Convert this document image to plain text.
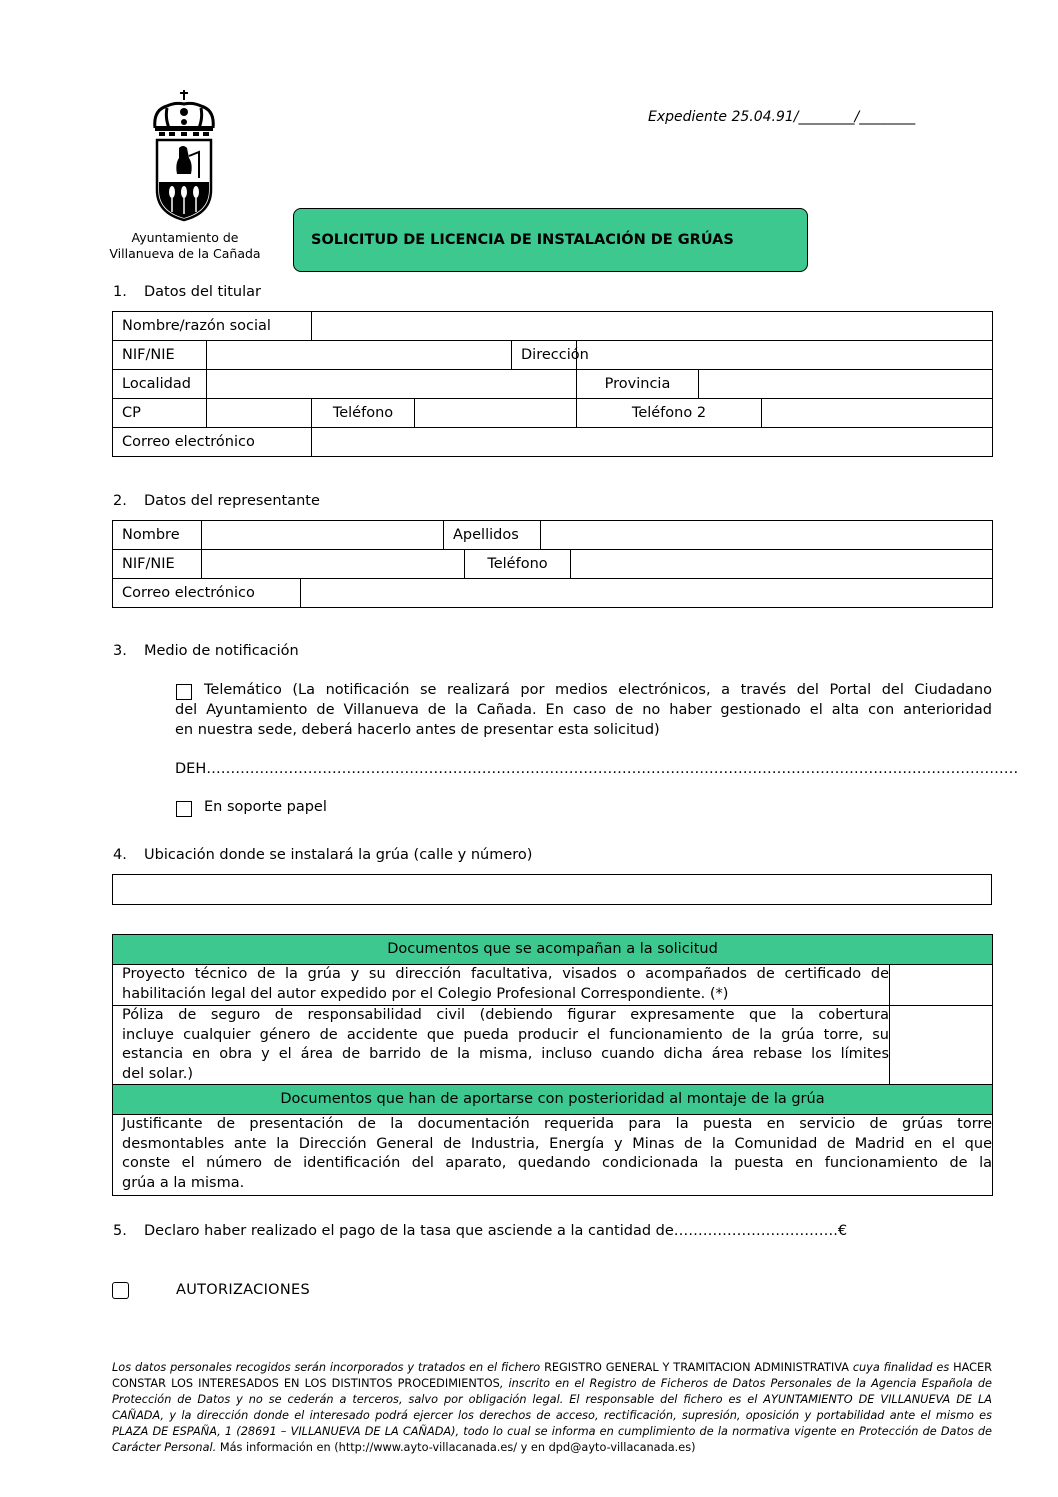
Ayuntamiento de
Villanueva de la Cañada
Expediente 25.04.91/________/________
SOLICITUD DE LICENCIA DE INSTALACIÓN DE GRÚAS
1. Datos del titular
Nombre/razón social							
NIF/NIE				Dirección			
Localidad					Provincia		
CP		Teléfono			Teléfono 2		
Correo electrónico							
2. Datos del representante
Nombre			Apellidos			
NIF/NIE				Teléfono		
Correo electrónico						
3. Medio de notificación
Telemático (La notificación se realizará por medios electrónicos, a través del Portal del Ciudadano
del Ayuntamiento de Villanueva de la Cañada. En caso de no haber gestionado el alta con anterioridad
en nuestra sede, deberá hacerlo antes de presentar esta solicitud)
DEH……………………………………………………………………………………………………………………………………………………
En soporte papel
4. Ubicación donde se instalará la grúa (calle y número)
Documentos que se acompañan a la solicitud	

Proyecto técnico de la grúa y su dirección facultativa, visados o acompañados de certificado de
habilitación legal del autor expedido por el Colegio Profesional Correspondiente. (*)	

Póliza de seguro de responsabilidad civil (debiendo figurar expresamente que la cobertura
incluye cualquier género de accidente que pueda producir el funcionamiento de la grúa torre, su
estancia en obra y el área de barrido de la misma, incluso cuando dicha área rebase los límites
del solar.)	

Documentos que han de aportarse con posterioridad al montaje de la grúa	

Justificante de presentación de la documentación requerida para la puesta en servicio de grúas torre
desmontables ante la Dirección General de Industria, Energía y Minas de la Comunidad de Madrid en el que
conste el número de identificación del aparato, quedando condicionada la puesta en funcionamiento de la
grúa a la misma.	
5. Declaro haber realizado el pago de la tasa que asciende a la cantidad de…………………………….€
AUTORIZACIONES
Los datos personales recogidos serán incorporados y tratados en el fichero REGISTRO GENERAL Y TRAMITACION ADMINISTRATIVA cuya finalidad es HACER CONSTAR LOS INTERESADOS EN LOS DISTINTOS PROCEDIMIENTOS, inscrito en el Registro de Ficheros de Datos Personales de la Agencia Española de Protección de Datos y no se cederán a terceros, salvo por obligación legal. El responsable del fichero es el AYUNTAMIENTO DE VILLANUEVA DE LA CAÑADA, y la dirección donde el interesado podrá ejercer los derechos de acceso, rectificación, supresión, oposición y portabilidad ante el mismo es PLAZA DE ESPAÑA, 1 (28691 – VILLANUEVA DE LA CAÑADA), todo lo cual se informa en cumplimiento de la normativa vigente en Protección de Datos de Carácter Personal. Más información en (http://www.ayto-villacanada.es/ y en dpd@ayto-villacanada.es)
